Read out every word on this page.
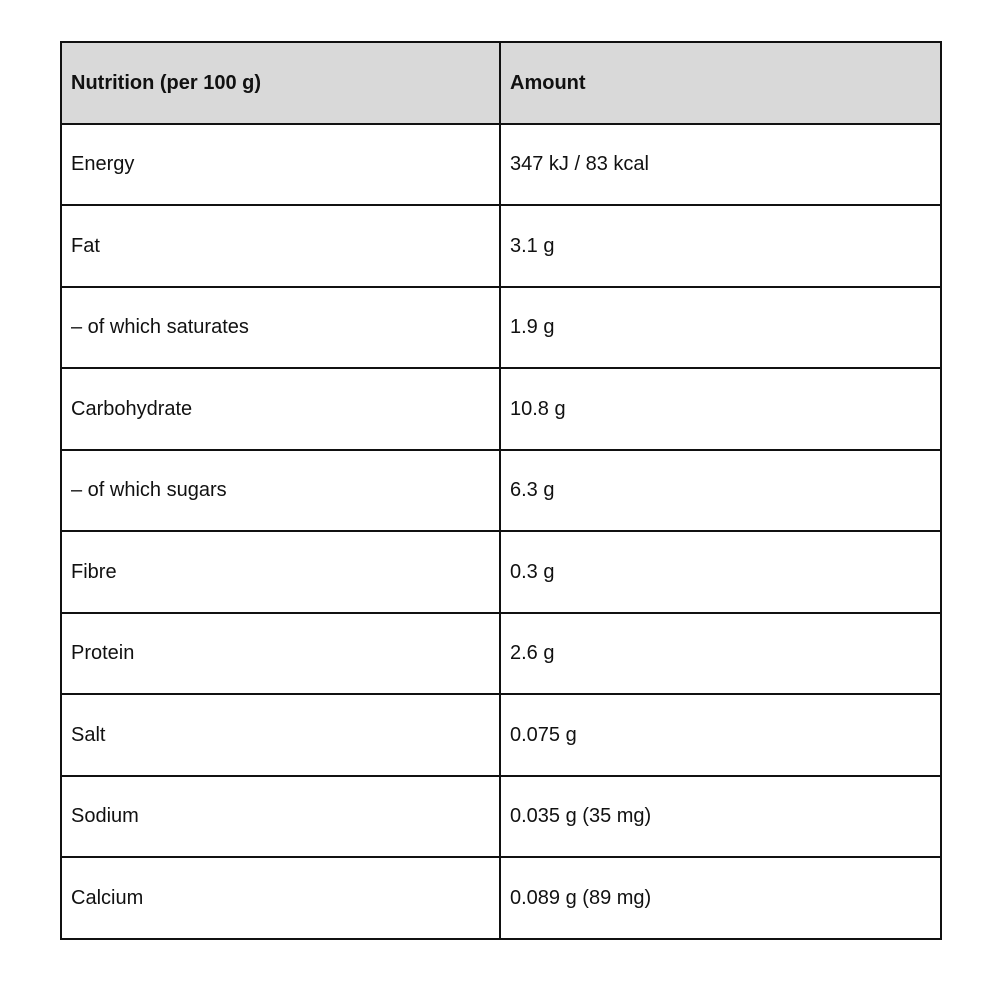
Nutrition (per 100 g)	Amount
Energy	347 kJ / 83 kcal
Fat	3.1 g
– of which saturates	1.9 g
Carbohydrate	10.8 g
– of which sugars	6.3 g
Fibre	0.3 g
Protein	2.6 g
Salt	0.075 g
Sodium	0.035 g (35 mg)
Calcium	0.089 g (89 mg)
